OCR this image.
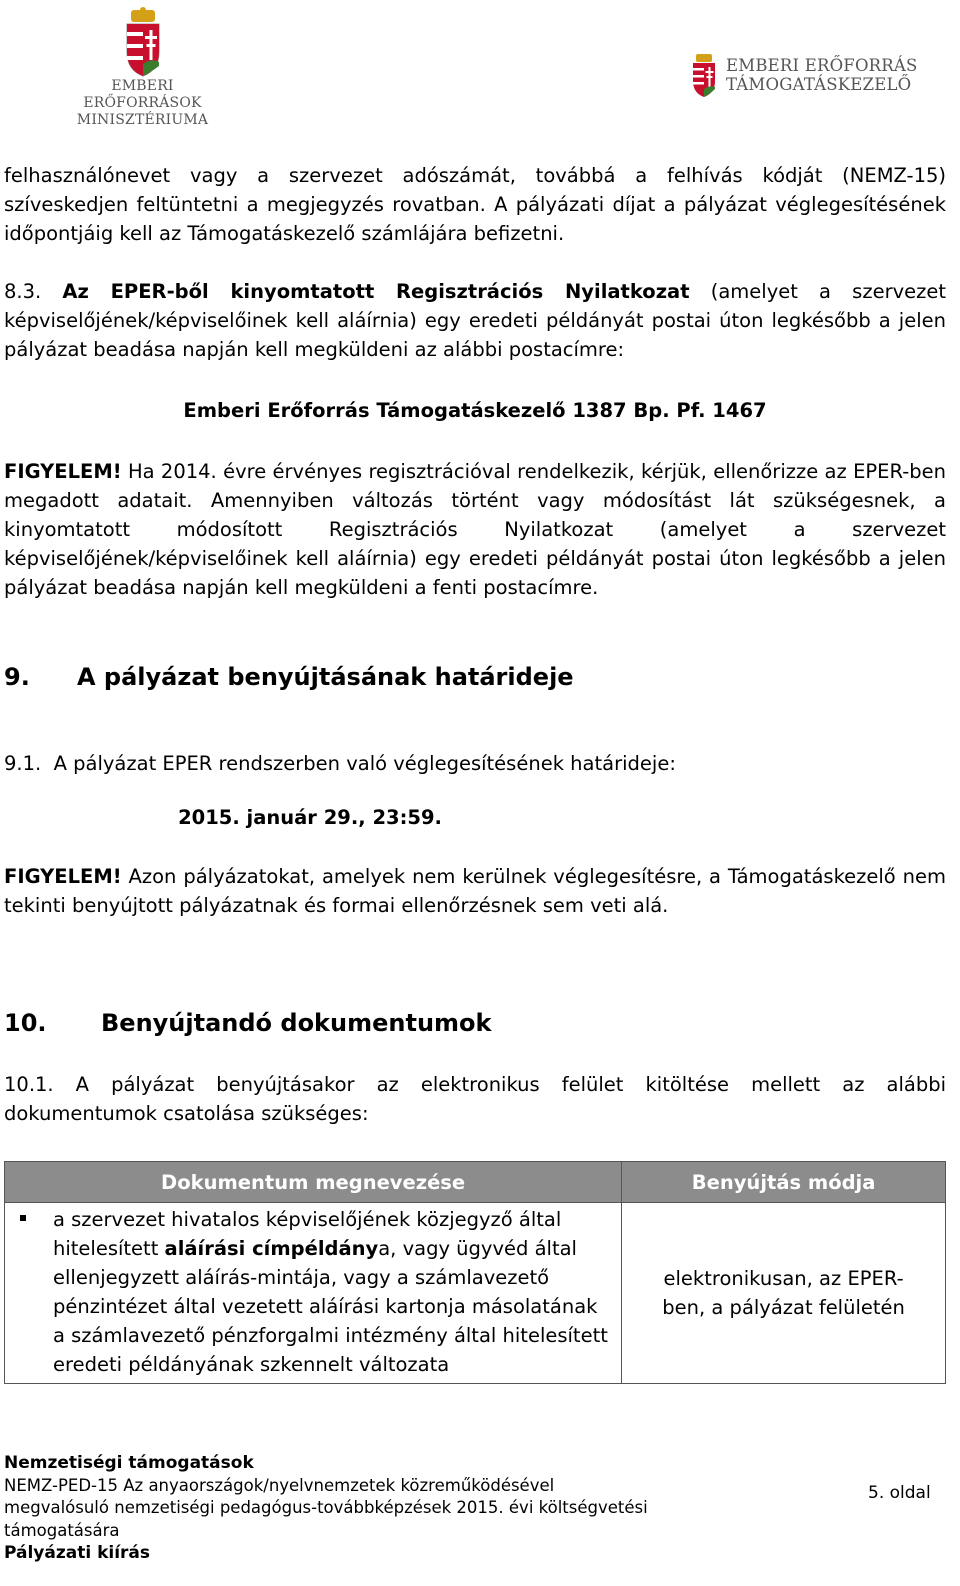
EMBERI ERŐFORRÁSOK
MINISZTÉRIUMA
EMBERI ERŐFORRÁS
TÁMOGATÁSKEZELŐ

felhasználónevet vagy a szervezet adószámát, továbbá a felhívás kódját (NEMZ-15) szíveskedjen feltüntetni a megjegyzés rovatban. A pályázati díjat a pályázat véglegesítésének időpontjáig kell az Támogatáskezelő számlájára befizetni.

8.3. Az EPER-ből kinyomtatott Regisztrációs Nyilatkozat (amelyet a szervezet képviselőjének/képviselőinek kell aláírnia) egy eredeti példányát postai úton legkésőbb a jelen pályázat beadása napján kell megküldeni az alábbi postacímre:

Emberi Erőforrás Támogatáskezelő 1387 Bp. Pf. 1467

FIGYELEM! Ha 2014. évre érvényes regisztrációval rendelkezik, kérjük, ellenőrizze az EPER-ben megadott adatait. Amennyiben változás történt vagy módosítást lát szükségesnek, a kinyomtatott módosított Regisztrációs Nyilatkozat (amelyet a szervezet képviselőjének/képviselőinek kell aláírnia) egy eredeti példányát postai úton legkésőbb a jelen pályázat beadása napján kell megküldeni a fenti postacímre.

9. A pályázat benyújtásának határideje

9.1.  A pályázat EPER rendszerben való véglegesítésének határideje:

2015. január 29., 23:59.

FIGYELEM! Azon pályázatokat, amelyek nem kerülnek véglegesítésre, a Támogatáskezelő nem tekinti benyújtott pályázatnak és formai ellenőrzésnek sem veti alá.

10. Benyújtandó dokumentumok

10.1. A pályázat benyújtásakor az elektronikus felület kitöltése mellett az alábbi dokumentumok csatolása szükséges:

Dokumentum megnevezése	Benyújtás módja

a szervezet hivatalos képviselőjének közjegyző által hitelesített aláírási címpéldánya, vagy ügyvéd által ellenjegyzett aláírás-mintája, vagy a számlavezető pénzintézet által vezetett aláírási kartonja másolatának a számlavezető pénzforgalmi intézmény által hitelesített eredeti példányának szkennelt változata	elektronikusan, az EPER-ben, a pályázat felületén
Nemzetiségi támogatások
NEMZ-PED-15 Az anyaországok/nyelvnemzetek közreműködésével megvalósuló nemzetiségi pedagógus-továbbképzések 2015. évi költségvetési támogatására
Pályázati kiírás
5. oldal
